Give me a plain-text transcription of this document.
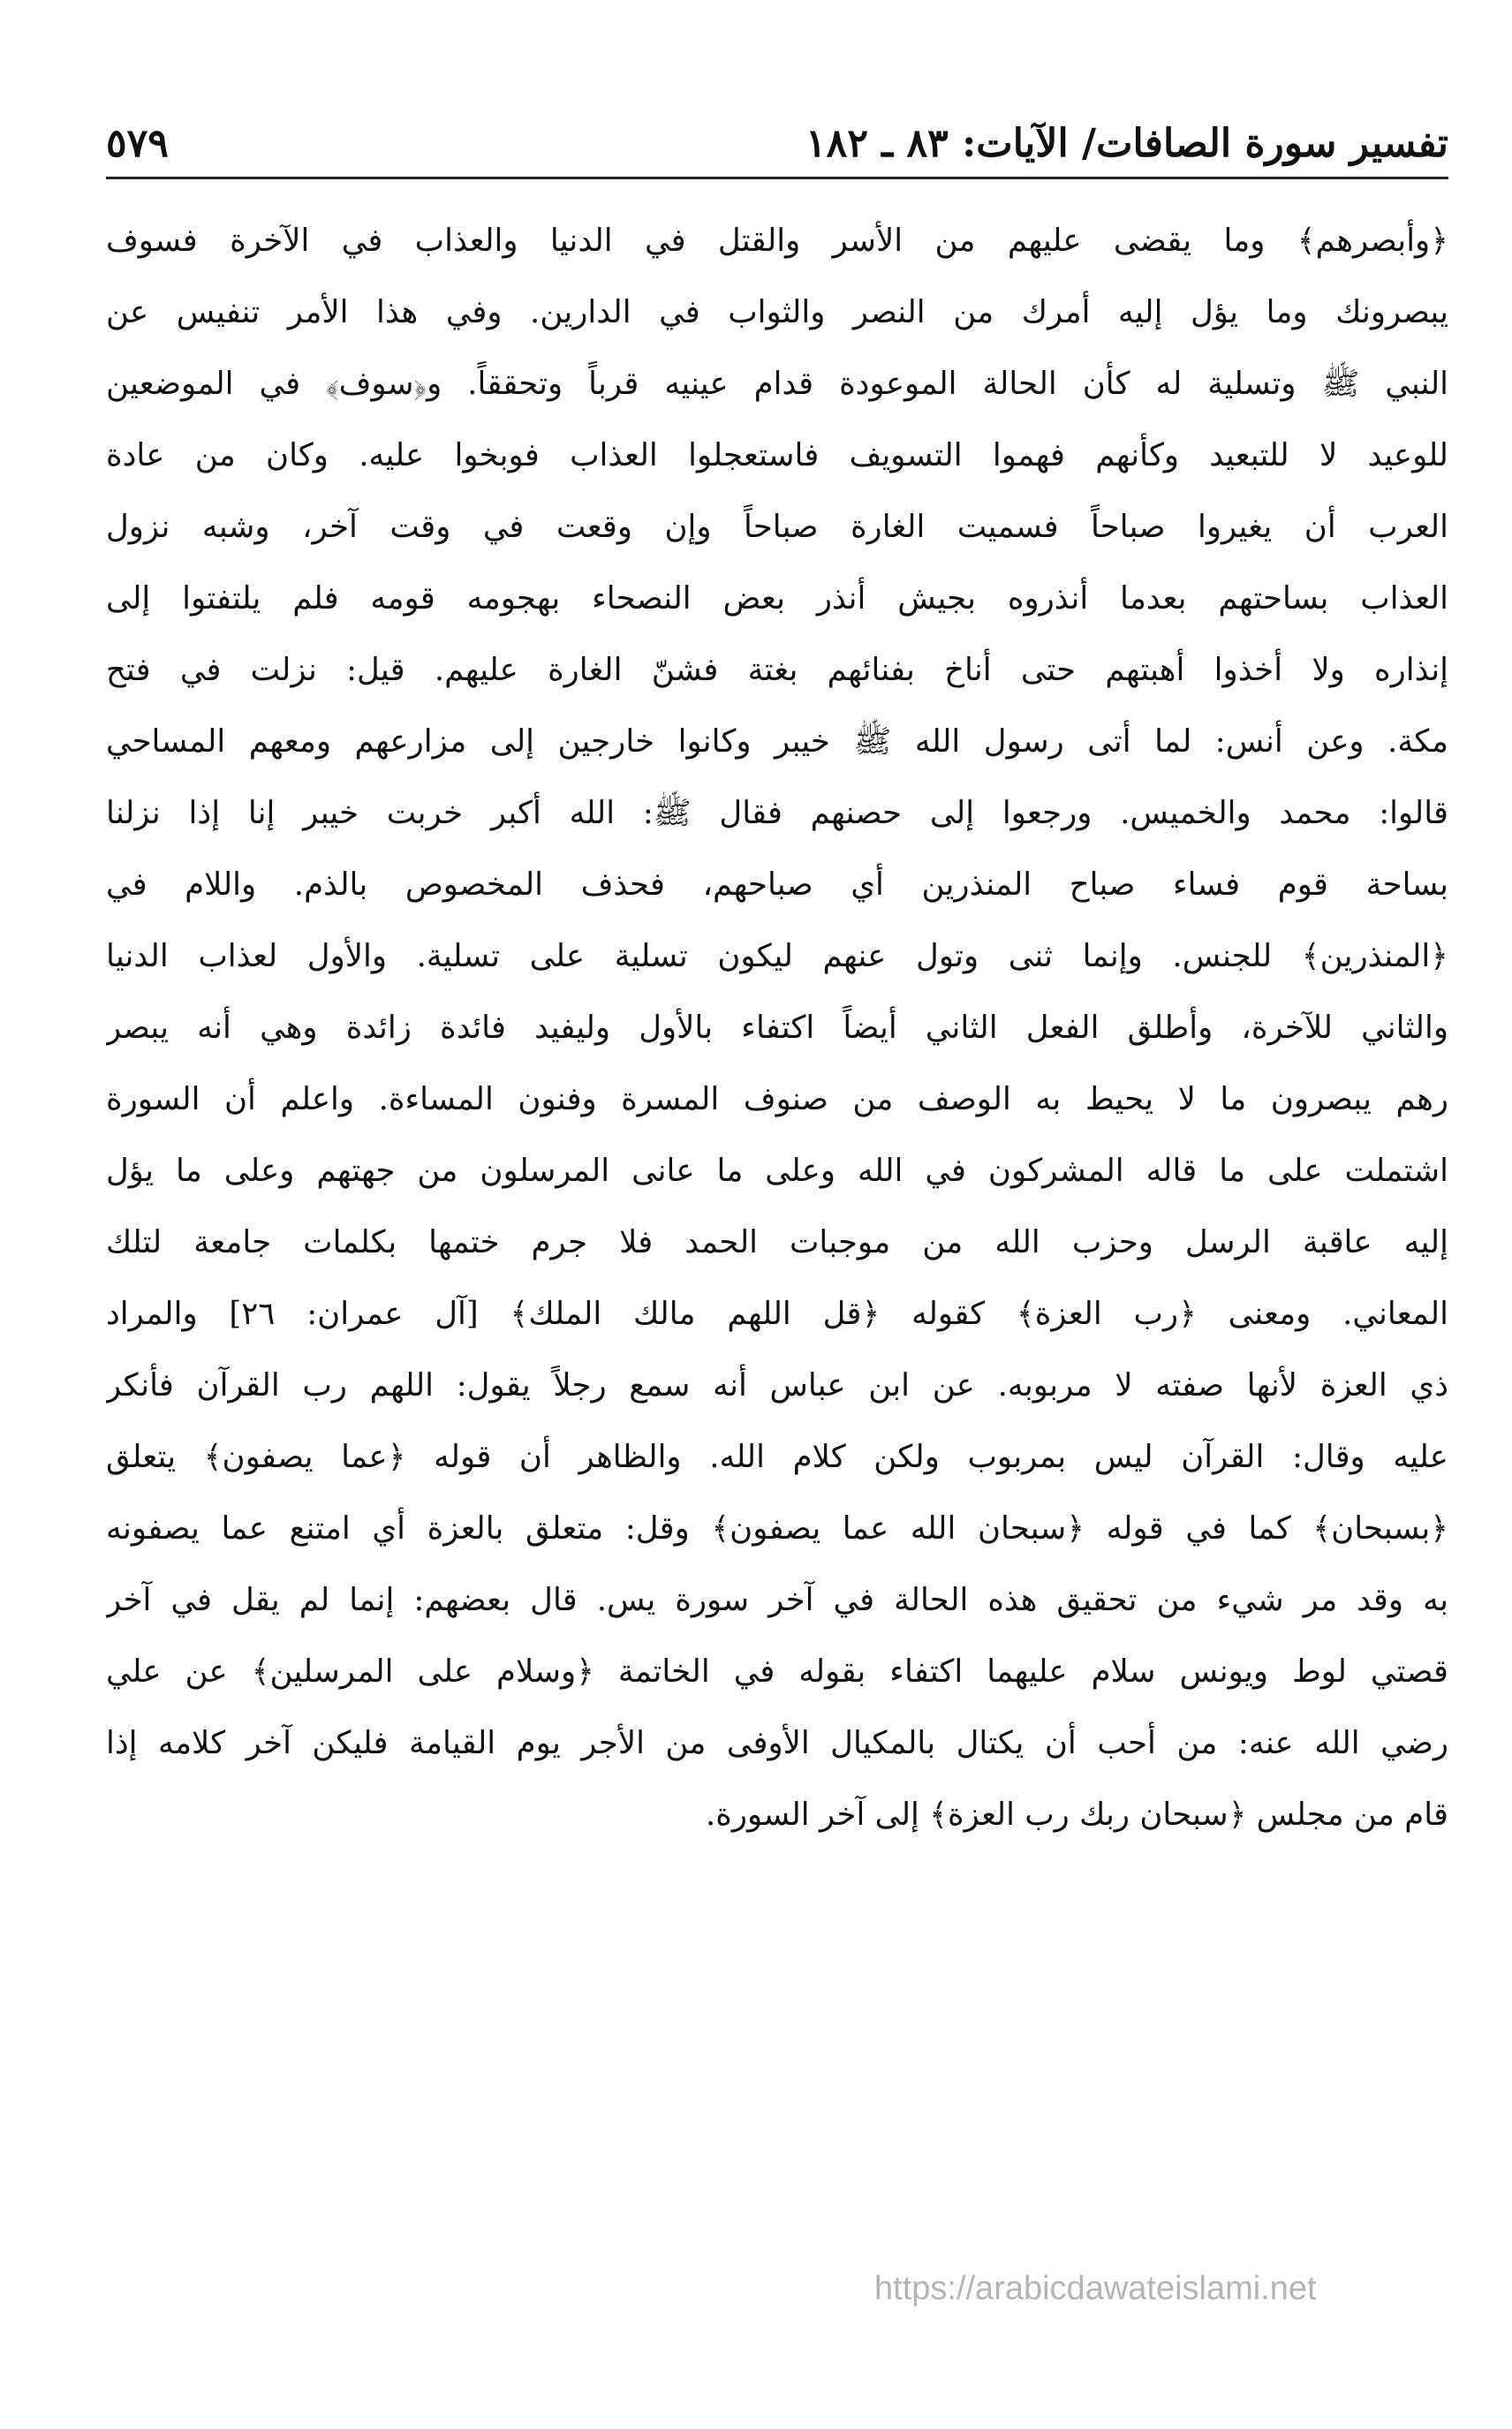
تفسير سورة الصافات/ الآيات: ٨٣ ـ ١٨٢
٥٧٩
﴿وأبصرهم﴾ وما يقضى عليهم من الأسر والقتل في الدنيا والعذاب في الآخرة فسوف
يبصرونك وما يؤل إليه أمرك من النصر والثواب في الدارين. وفي هذا الأمر تنفيس عن
النبي ﷺ وتسلية له كأن الحالة الموعودة قدام عينيه قرباً وتحققاً. و﴿سوف﴾ في الموضعين
للوعيد لا للتبعيد وكأنهم فهموا التسويف فاستعجلوا العذاب فوبخوا عليه. وكان من عادة
العرب أن يغيروا صباحاً فسميت الغارة صباحاً وإن وقعت في وقت آخر، وشبه نزول
العذاب بساحتهم بعدما أنذروه بجيش أنذر بعض النصحاء بهجومه قومه فلم يلتفتوا إلى
إنذاره ولا أخذوا أهبتهم حتى أناخ بفنائهم بغتة فشنّ الغارة عليهم. قيل: نزلت في فتح
مكة. وعن أنس: لما أتى رسول الله ﷺ خيبر وكانوا خارجين إلى مزارعهم ومعهم المساحي
قالوا: محمد والخميس. ورجعوا إلى حصنهم فقال ﷺ: الله أكبر خربت خيبر إنا إذا نزلنا
بساحة قوم فساء صباح المنذرين أي صباحهم، فحذف المخصوص بالذم. واللام في
﴿المنذرين﴾ للجنس. وإنما ثنى وتول عنهم ليكون تسلية على تسلية. والأول لعذاب الدنيا
والثاني للآخرة، وأطلق الفعل الثاني أيضاً اكتفاء بالأول وليفيد فائدة زائدة وهي أنه يبصر
رهم يبصرون ما لا يحيط به الوصف من صنوف المسرة وفنون المساءة. واعلم أن السورة
اشتملت على ما قاله المشركون في الله وعلى ما عانى المرسلون من جهتهم وعلى ما يؤل
إليه عاقبة الرسل وحزب الله من موجبات الحمد فلا جرم ختمها بكلمات جامعة لتلك
المعاني. ومعنى ﴿رب العزة﴾ كقوله ﴿قل اللهم مالك الملك﴾ [آل عمران: ٢٦] والمراد
ذي العزة لأنها صفته لا مربوبه. عن ابن عباس أنه سمع رجلاً يقول: اللهم رب القرآن فأنكر
عليه وقال: القرآن ليس بمربوب ولكن كلام الله. والظاهر أن قوله ﴿عما يصفون﴾ يتعلق
﴿بسبحان﴾ كما في قوله ﴿سبحان الله عما يصفون﴾ وقل: متعلق بالعزة أي امتنع عما يصفونه
به وقد مر شيء من تحقيق هذه الحالة في آخر سورة يس. قال بعضهم: إنما لم يقل في آخر
قصتي لوط ويونس سلام عليهما اكتفاء بقوله في الخاتمة ﴿وسلام على المرسلين﴾ عن علي
رضي الله عنه: من أحب أن يكتال بالمكيال الأوفى من الأجر يوم القيامة فليكن آخر كلامه إذا
قام من مجلس ﴿سبحان ربك رب العزة﴾ إلى آخر السورة.
https://arabicdawateislami.net
